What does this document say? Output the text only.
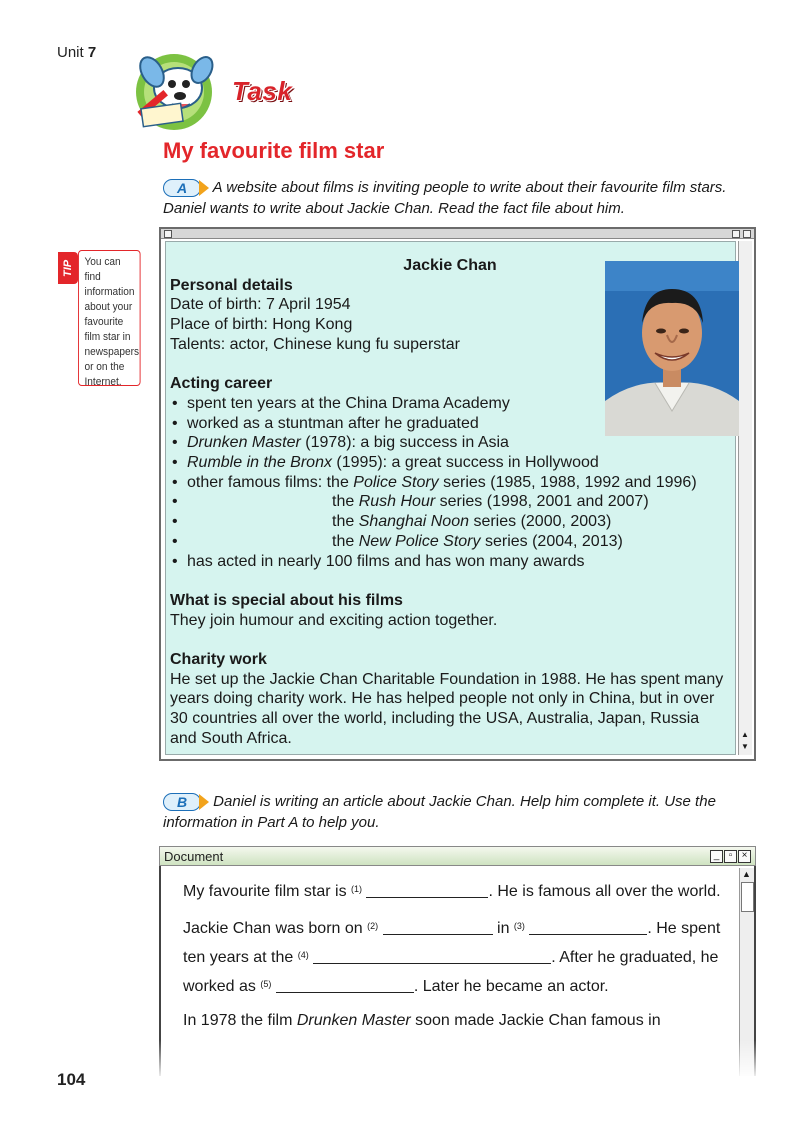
Unit 7
Task
My favourite film star
A	A website about films is inviting people to write about their favourite film stars. Daniel wants to write about Jackie Chan. Read the fact file about him.
TIP You can find information about your favourite film star in newspapers or on the Internet.
▲
▼
Jackie Chan
Personal details
Date of birth: 7 April 1954
Place of birth: Hong Kong
Talents: actor, Chinese kung fu superstar
Acting career
• spent ten years at the China Drama Academy
• worked as a stuntman after he graduated
• Drunken Master (1978): a big success in Asia
• Rumble in the Bronx (1995): a great success in Hollywood
• other famous films: the Police Story series (1985, 1988, 1992 and 1996)
• the Rush Hour series (1998, 2001 and 2007)
• the Shanghai Noon series (2000, 2003)
• the New Police Story series (2004, 2013)
• has acted in nearly 100 films and has won many awards
What is special about his films
They join humour and exciting action together.
Charity work
He set up the Jackie Chan Charitable Foundation in 1988. He has spent many years doing charity work. He has helped people not only in China, but in over 30 countries all over the world, including the USA, Australia, Japan, Russia and South Africa.
B	Daniel is writing an article about Jackie Chan. Help him complete it. Use the information in Part A to help you.
Document	_ ▫ ×
▲

My favourite film star is $^{(1)}$	. He is famous all over the world.

Jackie Chan was born on $^{(2)}$	in $^{(3)}$	. He spent ten years at the $^{(4)}$	. After he graduated, he worked as $^{(5)}$	. Later he became an actor.

In 1978 the film Drunken Master soon made Jackie Chan famous in

104
